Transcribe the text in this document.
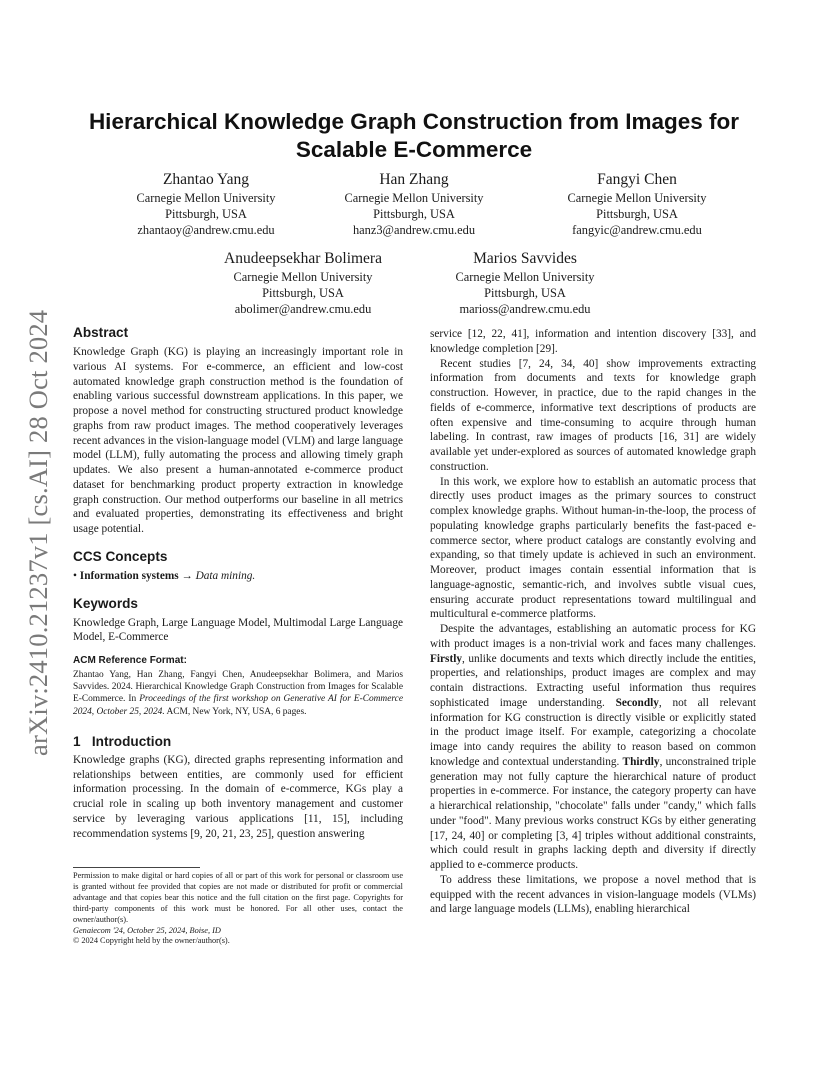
arXiv:2410.21237v1 [cs.AI] 28 Oct 2024
Hierarchical Knowledge Graph Construction from Images for Scalable E-Commerce
Zhantao Yang
Carnegie Mellon University
Pittsburgh, USA
zhantaoy@andrew.cmu.edu
Han Zhang
Carnegie Mellon University
Pittsburgh, USA
hanz3@andrew.cmu.edu
Fangyi Chen
Carnegie Mellon University
Pittsburgh, USA
fangyic@andrew.cmu.edu
Anudeepsekhar Bolimera
Carnegie Mellon University
Pittsburgh, USA
abolimer@andrew.cmu.edu
Marios Savvides
Carnegie Mellon University
Pittsburgh, USA
marioss@andrew.cmu.edu

Abstract

Knowledge Graph (KG) is playing an increasingly important role in various AI systems. For e-commerce, an efficient and low-cost automated knowledge graph construction method is the foundation of enabling various successful downstream applications. In this paper, we propose a novel method for constructing structured product knowledge graphs from raw product images. The method cooperatively leverages recent advances in the vision-language model (VLM) and large language model (LLM), fully automating the process and allowing timely graph updates. We also present a human-annotated e-commerce product dataset for benchmarking product property extraction in knowledge graph construction. Our method outperforms our baseline in all metrics and evaluated properties, demonstrating its effectiveness and bright usage potential.

CCS Concepts

• Information systems → Data mining.

Keywords

Knowledge Graph, Large Language Model, Multimodal Large Language Model, E-Commerce

ACM Reference Format:

Zhantao Yang, Han Zhang, Fangyi Chen, Anudeepsekhar Bolimera, and Marios Savvides. 2024. Hierarchical Knowledge Graph Construction from Images for Scalable E-Commerce. In Proceedings of the first workshop on Generative AI for E-Commerce 2024, October 25, 2024. ACM, New York, NY, USA, 6 pages.

1 Introduction

Knowledge graphs (KG), directed graphs representing information and relationships between entities, are commonly used for efficient information processing. In the domain of e-commerce, KGs play a crucial role in scaling up both inventory management and customer service by leveraging various applications [11, 15], including recommendation systems [9, 20, 21, 23, 25], question answering

Permission to make digital or hard copies of all or part of this work for personal or classroom use is granted without fee provided that copies are not made or distributed for profit or commercial advantage and that copies bear this notice and the full citation on the first page. Copyrights for third-party components of this work must be honored. For all other uses, contact the owner/author(s).

Genaiecom '24, October 25, 2024, Boise, ID

© 2024 Copyright held by the owner/author(s).

service [12, 22, 41], information and intention discovery [33], and knowledge completion [29].

Recent studies [7, 24, 34, 40] show improvements extracting information from documents and texts for knowledge graph construction. However, in practice, due to the rapid changes in the fields of e-commerce, informative text descriptions of products are often expensive and time-consuming to acquire through human labeling. In contrast, raw images of products [16, 31] are widely available yet under-explored as sources of automated knowledge graph construction.

In this work, we explore how to establish an automatic process that directly uses product images as the primary sources to construct complex knowledge graphs. Without human-in-the-loop, the process of populating knowledge graphs particularly benefits the fast-paced e-commerce sector, where product catalogs are constantly evolving and expanding, so that timely update is achieved in such an environment. Moreover, product images contain essential information that is language-agnostic, semantic-rich, and involves subtle visual cues, ensuring accurate product representations toward multilingual and multicultural e-commerce platforms.

Despite the advantages, establishing an automatic process for KG with product images is a non-trivial work and faces many challenges. Firstly, unlike documents and texts which directly include the entities, properties, and relationships, product images are complex and may contain distractions. Extracting useful information thus requires sophisticated image understanding. Secondly, not all relevant information for KG construction is directly visible or explicitly stated in the product image itself. For example, categorizing a chocolate image into candy requires the ability to reason based on common knowledge and contextual understanding. Thirdly, unconstrained triple generation may not fully capture the hierarchical nature of product properties in e-commerce. For instance, the category property can have a hierarchical relationship, "chocolate" falls under "candy," which falls under "food". Many previous works construct KGs by either generating [17, 24, 40] or completing [3, 4] triples without additional constraints, which could result in graphs lacking depth and diversity if directly applied to e-commerce products.

To address these limitations, we propose a novel method that is equipped with the recent advances in vision-language models (VLMs) and large language models (LLMs), enabling hierarchical
